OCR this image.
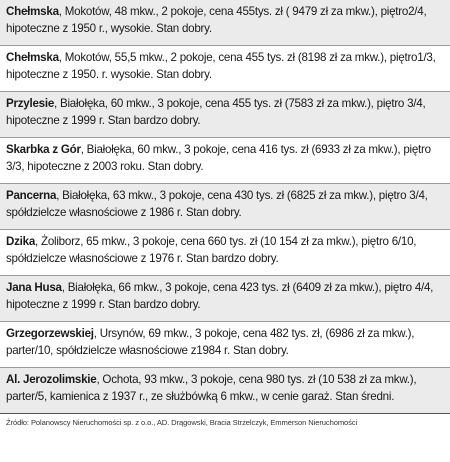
Chełmska, Mokotów, 48 mkw., 2 pokoje, cena 455tys. zł ( 9479 zł za mkw.), piętro2/4, hipoteczne z 1950 r., wysokie. Stan dobry.
Chełmska, Mokotów, 55,5 mkw., 2 pokoje, cena 455 tys. zł (8198 zł za mkw.), piętro1/3, hipoteczne z 1950. r. wysokie. Stan dobry.
Przylesie, Białołęka, 60 mkw., 3 pokoje, cena 455 tys. zł (7583 zł za mkw.), piętro 3/4, hipoteczne z 1999 r. Stan bardzo dobry.
Skarbka z Gór, Białołęka, 60 mkw., 3 pokoje, cena 416 tys. zł (6933 zł za mkw.), piętro 3/3, hipoteczne z 2003 roku. Stan dobry.
Pancerna, Białołęka, 63 mkw., 3 pokoje, cena 430 tys. zł (6825 zł za mkw.), piętro 3/4, spółdzielcze własnościowe z 1986 r. Stan dobry.
Dzika, Żoliborz, 65 mkw., 3 pokoje, cena 660 tys. zł (10 154 zł za mkw.), piętro 6/10, spółdzielcze własnościowe z 1976 r. Stan bardzo dobry.
Jana Husa, Białołęka, 66 mkw., 3 pokoje, cena 423 tys. zł (6409 zł za mkw.), piętro 4/4, hipoteczne z 1999 r. Stan bardzo dobry.
Grzegorzewskiej, Ursynów, 69 mkw., 3 pokoje, cena 482 tys. zł, (6986 zł za mkw.), parter/10, spółdzielcze własnościowe z1984 r. Stan dobry.
Al. Jerozolimskie, Ochota, 93 mkw., 3 pokoje, cena 980 tys. zł (10 538 zł za mkw.), parter/5, kamienica z 1937 r., ze służbówką 6 mkw., w cenie garaż. Stan średni.
Źródło: Polanowscy Nieruchomości sp. z o.o., AD. Drągowski, Bracia Strzelczyk, Emmerson Nieruchomości
